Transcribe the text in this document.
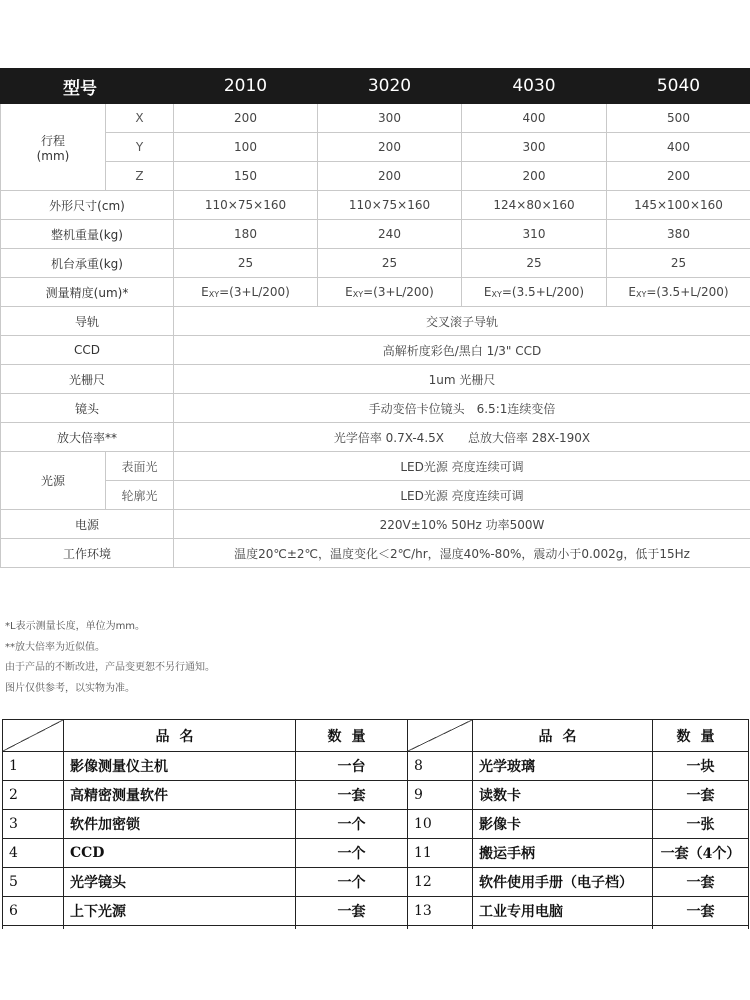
型号		2010	3020	4030	5040

行程
(mm)	X	200	300	400	500
	Y	100	200	300	400
	Z	150	200	200	200
外形尺寸(cm)		110×75×160	110×75×160	124×80×160	145×100×160
整机重量(kg)		180	240	310	380
机台承重(kg)		25	25	25	25
测量精度(um)*		EXY=(3+L/200)	EXY=(3+L/200)	EXY=(3.5+L/200)	EXY=(3.5+L/200)
导轨		交叉滚子导轨			
CCD		高解析度彩色/黑白 1/3" CCD			
光栅尺		1um 光栅尺			
镜头		手动变倍卡位镜头　6.5:1连续变倍			
放大倍率**		光学倍率 0.7X-4.5X　　总放大倍率 28X-190X			
光源	表面光	LED光源 亮度连续可调			
	轮廓光	LED光源 亮度连续可调			
电源		220V±10% 50Hz 功率500W			
工作环境		温度20℃±2℃，温度变化＜2℃/hr，湿度40%-80%，震动小于0.002g，低于15Hz			
*L表示测量长度，单位为mm。
**放大倍率为近似值。
由于产品的不断改进，产品变更恕不另行通知。
图片仅供参考，以实物为准。
	品名	数量		品名	数量
1	影像测量仪主机	一台	8	光学玻璃	一块
2	高精密测量软件	一套	9	读数卡	一套
3	软件加密锁	一个	10	影像卡	一张
4	CCD	一个	11	搬运手柄	一套（4个）
5	光学镜头	一个	12	软件使用手册（电子档）	一套
6	上下光源	一套	13	工业专用电脑	一套
